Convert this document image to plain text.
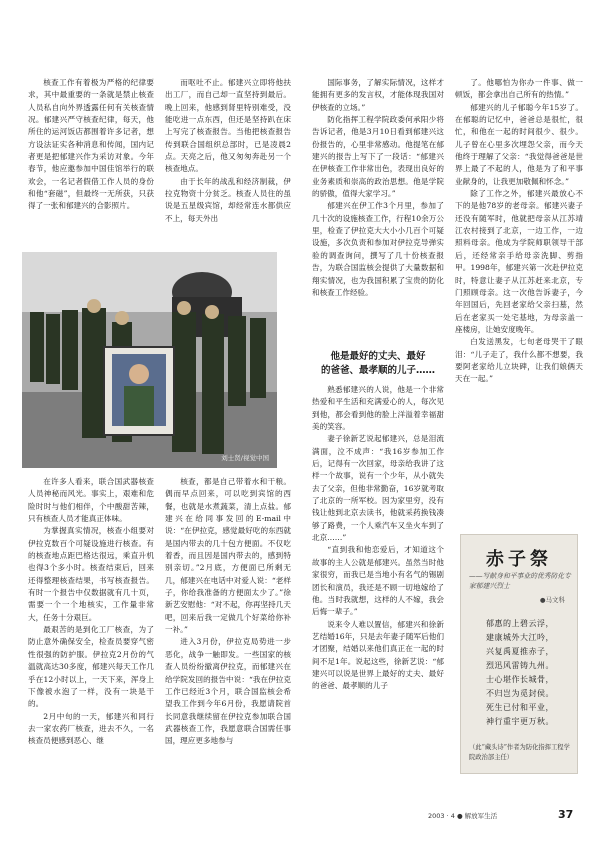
核查工作有着极为严格的纪律要求，其中最重要的一条就是禁止核查人员私自向外界透露任何有关核查情况。郁建兴严守核查纪律，每天，他所住的运河饭店都围着许多记者，想方设法证实各种消息和传闻，国内记者更是把郁建兴作为采访对象。今年春节，他应邀参加中国佳馆举行的联欢会，一名记者假借工作人员的身份和他“套磁”，但最终一无所获，只获得了一张和郁建兴的合影照片。

而呕吐不止。郁建兴立即将他扶出工厂，而自己却一直坚持到最后。晚上回来，他感到肾里特别难受，没能吃进一点东西，但还是坚持趴在床上写完了核查报告。当他把核查报告传到联合国组织总部时，已是凌晨2点。天亮之后，他又匆匆奔赴另一个核查地点。

由于长年的战乱和经济制裁，伊拉克物资十分贫乏。核查人员住的虽说是五星级宾馆，却经常连水都供应不上，每天外出

刘士贤/视觉中国

在许多人看来，联合国武器核查人员神秘而风光。事实上，艰难和危险时时与他们相伴，个中酸甜苦辣，只有核查人员才能真正体味。

为掌握真实情况，核查小组要对伊拉克数百个可疑设施进行核查。有的核查地点距巴格达很远，乘直升机也得3个多小时。核查结束后，回来还得整理核查结果，书写核查报告。有时一个报告中仅数据就有几十页，需要一个一个地核实，工作量非常大，任务十分艰巨。

最艰苦的是到化工厂核查，为了防止意外确保安全，检查员要穿气密性很强的防护服。伊拉克2月份的气温就高达30多度，郁建兴每天工作几乎在12小时以上，一天下来，浑身上下像被水泡了一样，没有一块是干的。

2月中旬的一天，郁建兴和同行去一家农药厂核查，进去不久，一名核查员便感到恶心、继

核查，都是自己带着水和干粮。偶而早点回来，可以吃到宾馆的西餐，也就是水煮蔬菜，清上点盐。郁建兴在给同事发回的E-mail中说：“在伊拉克，感觉最好吃的东西就是国内带去的几十包方便面。不仅吃着香，而且因是国内带去的，感到特别亲切。”2月底，方便面已所剩无几，郁建兴在电话中对爱人说：“老样子，你给我准备的方便面太少了。”徐新艺安慰他：“对不起，你再坚持几天吧，回来后我一定做几个好菜给你补一补。”

进入3月份，伊拉克局势进一步恶化，战争一触即发。一些国家的核查人员纷纷撤离伊拉克，而郁建兴在给学院发回的报告中说：“我在伊拉克工作已经近3个月，联合国监核会希望我工作到今年6月份，我愿请院首长同意我继续留在伊拉克参加联合国武器核查工作，我愿意联合国需任事国，理应更多地参与

国际事务，了解实际情况，这样才能拥有更多的发言权，才能体现我国对伊核查的立场。”

防化指挥工程学院政委何承阳少将告诉记者，他是3月10日看到郁建兴这份报告的，心里非常感动。他提笔在郁建兴的报告上写下了一段话：“郁建兴在伊核查工作非常出色，表现出良好的业务素质和崇高的政治思想。他是学院的骄傲，值得大家学习。”

郁建兴在伊工作3个月里，参加了几十次的设施核查工作，行程10余万公里，检查了伊拉克大大小小几百个可疑设施，多次负责和参加对伊拉克导弹实验的调查询问，撰写了几十份核查报告，为联合国监核会提供了大量数据和翔实情况，也为我国积累了宝贵的防化和核查工作经验。

他是最好的丈夫、最好
的爸爸、最孝顺的儿子……

熟悉郁建兴的人说，他是一个非常热爱和平生活和充满爱心的人，每次见到他，都会看到他的脸上洋溢着幸福甜美的笑容。

妻子徐新艺说起郁建兴，总是泪流满面，泣不成声：“我16岁参加工作后，记得有一次回家，母亲给我讲了这样一个故事，说有一个少年，从小就失去了父亲，但他非常勤奋，16岁就考取了北京的一所军校。因为家里穷，没有钱让他到北京去读书，他就采药换钱凑够了路费，一个人乘汽车又坐火车到了北京……”

“直到我和他恋爱后，才知道这个故事的主人公就是郁建兴。虽然当时他家很穷，而我已是当地小有名气的锡剧团长和演员，我还是不顾一切地嫁给了他。当时我就想，这样的人不嫁，我会后悔一辈子。”

说来令人难以置信，郁建兴和徐新艺结婚16年，只是去年妻子随军后他们才团聚，结婚以来他们真正在一起的时间不足1年。说起这些，徐新艺说：“郁建兴可以说是世界上最好的丈夫、最好的爸爸、最孝顺的儿子

了。他哪怕为你办一件事、做一顿饭，都会拿出自己所有的热情。”

郁建兴的儿子郁聪今年15岁了。在郁聪的记忆中，爸爸总是很忙，很忙，和他在一起的时间很少、很少。儿子曾在心里多次埋怨父亲，而今天他终于理解了父亲：“我觉得爸爸是世界上最了不起的人，他是为了和平事业献身的，让我更加敬佩和怀念。”

除了工作之外，郁建兴最放心不下的是他78岁的老母亲。郁建兴妻子还没有随军时，他就把母亲从江苏靖江农村接到了北京，一边工作，一边照料母亲。他成为学院师职领导干部后，还经常亲手给母亲洗脚、剪指甲。1998年，郁建兴第一次赴伊拉克时，特意让妻子从江苏赶来北京，专门照顾母亲。这一次他告诉妻子，今年回国后，先回老家给父亲扫墓，然后在老家买一处宅基地，为母亲盖一座楼房，让她安度晚年。

白发送黑发，七旬老母哭干了眼泪：“儿子走了，我什么都不想要，我要阿老家给儿立块碑，让我们娘俩天天在一起。”

赤子祭
——写献身和平事业的优秀防化专家郁建兴烈士
●马文科
郁惠的上碧云浮，
建康城外大江吟，
兴复禹夏推赤子，
烈迅风雷铸九州。
士心堪作长城骨，
不归岂为觅封侯。
死生已付和平业，
神行重宇更万秋。
（此“藏头诗”作者为防化指挥工程学院政治部主任）
2003 · 4 ● 解放军生活	37
